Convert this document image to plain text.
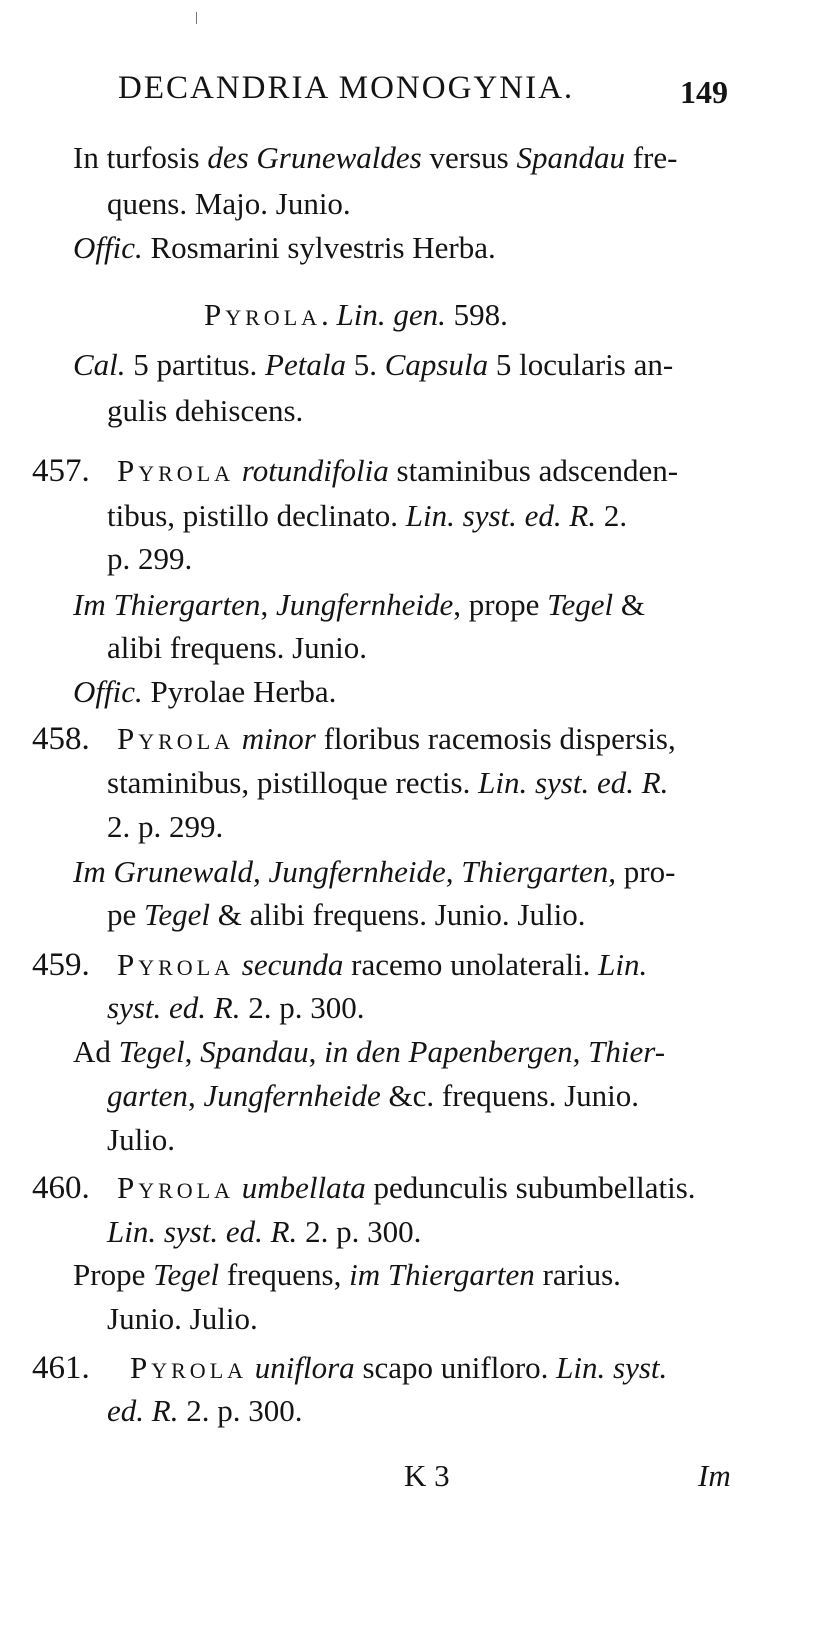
DECANDRIA MONOGYNIA.	149
In turfosis des Grunewaldes versus Spandau fre-
quens. Majo. Junio.
Offic. Rosmarini sylvestris Herba.
Pyrola. Lin. gen. 598.
Cal. 5 partitus. Petala 5. Capsula 5 locularis an-
gulis dehiscens.
457. Pyrola rotundifolia staminibus adscenden-
tibus, pistillo declinato. Lin. syst. ed. R. 2.
p. 299.
Im Thiergarten, Jungfernheide, prope Tegel &
alibi frequens. Junio.
Offic. Pyrolae Herba.
458. Pyrola minor floribus racemosis dispersis,
staminibus, pistilloque rectis. Lin. syst. ed. R.
2. p. 299.
Im Grunewald, Jungfernheide, Thiergarten, pro-
pe Tegel & alibi frequens. Junio. Julio.
459. Pyrola secunda racemo unolaterali. Lin.
syst. ed. R. 2. p. 300.
Ad Tegel, Spandau, in den Papenbergen, Thier-
garten, Jungfernheide &c. frequens. Junio.
Julio.
460. Pyrola umbellata pedunculis subumbellatis.
Lin. syst. ed. R. 2. p. 300.
Prope Tegel frequens, im Thiergarten rarius.
Junio. Julio.
461. Pyrola uniflora scapo unifloro. Lin. syst.
ed. R. 2. p. 300.
K 3	Im
